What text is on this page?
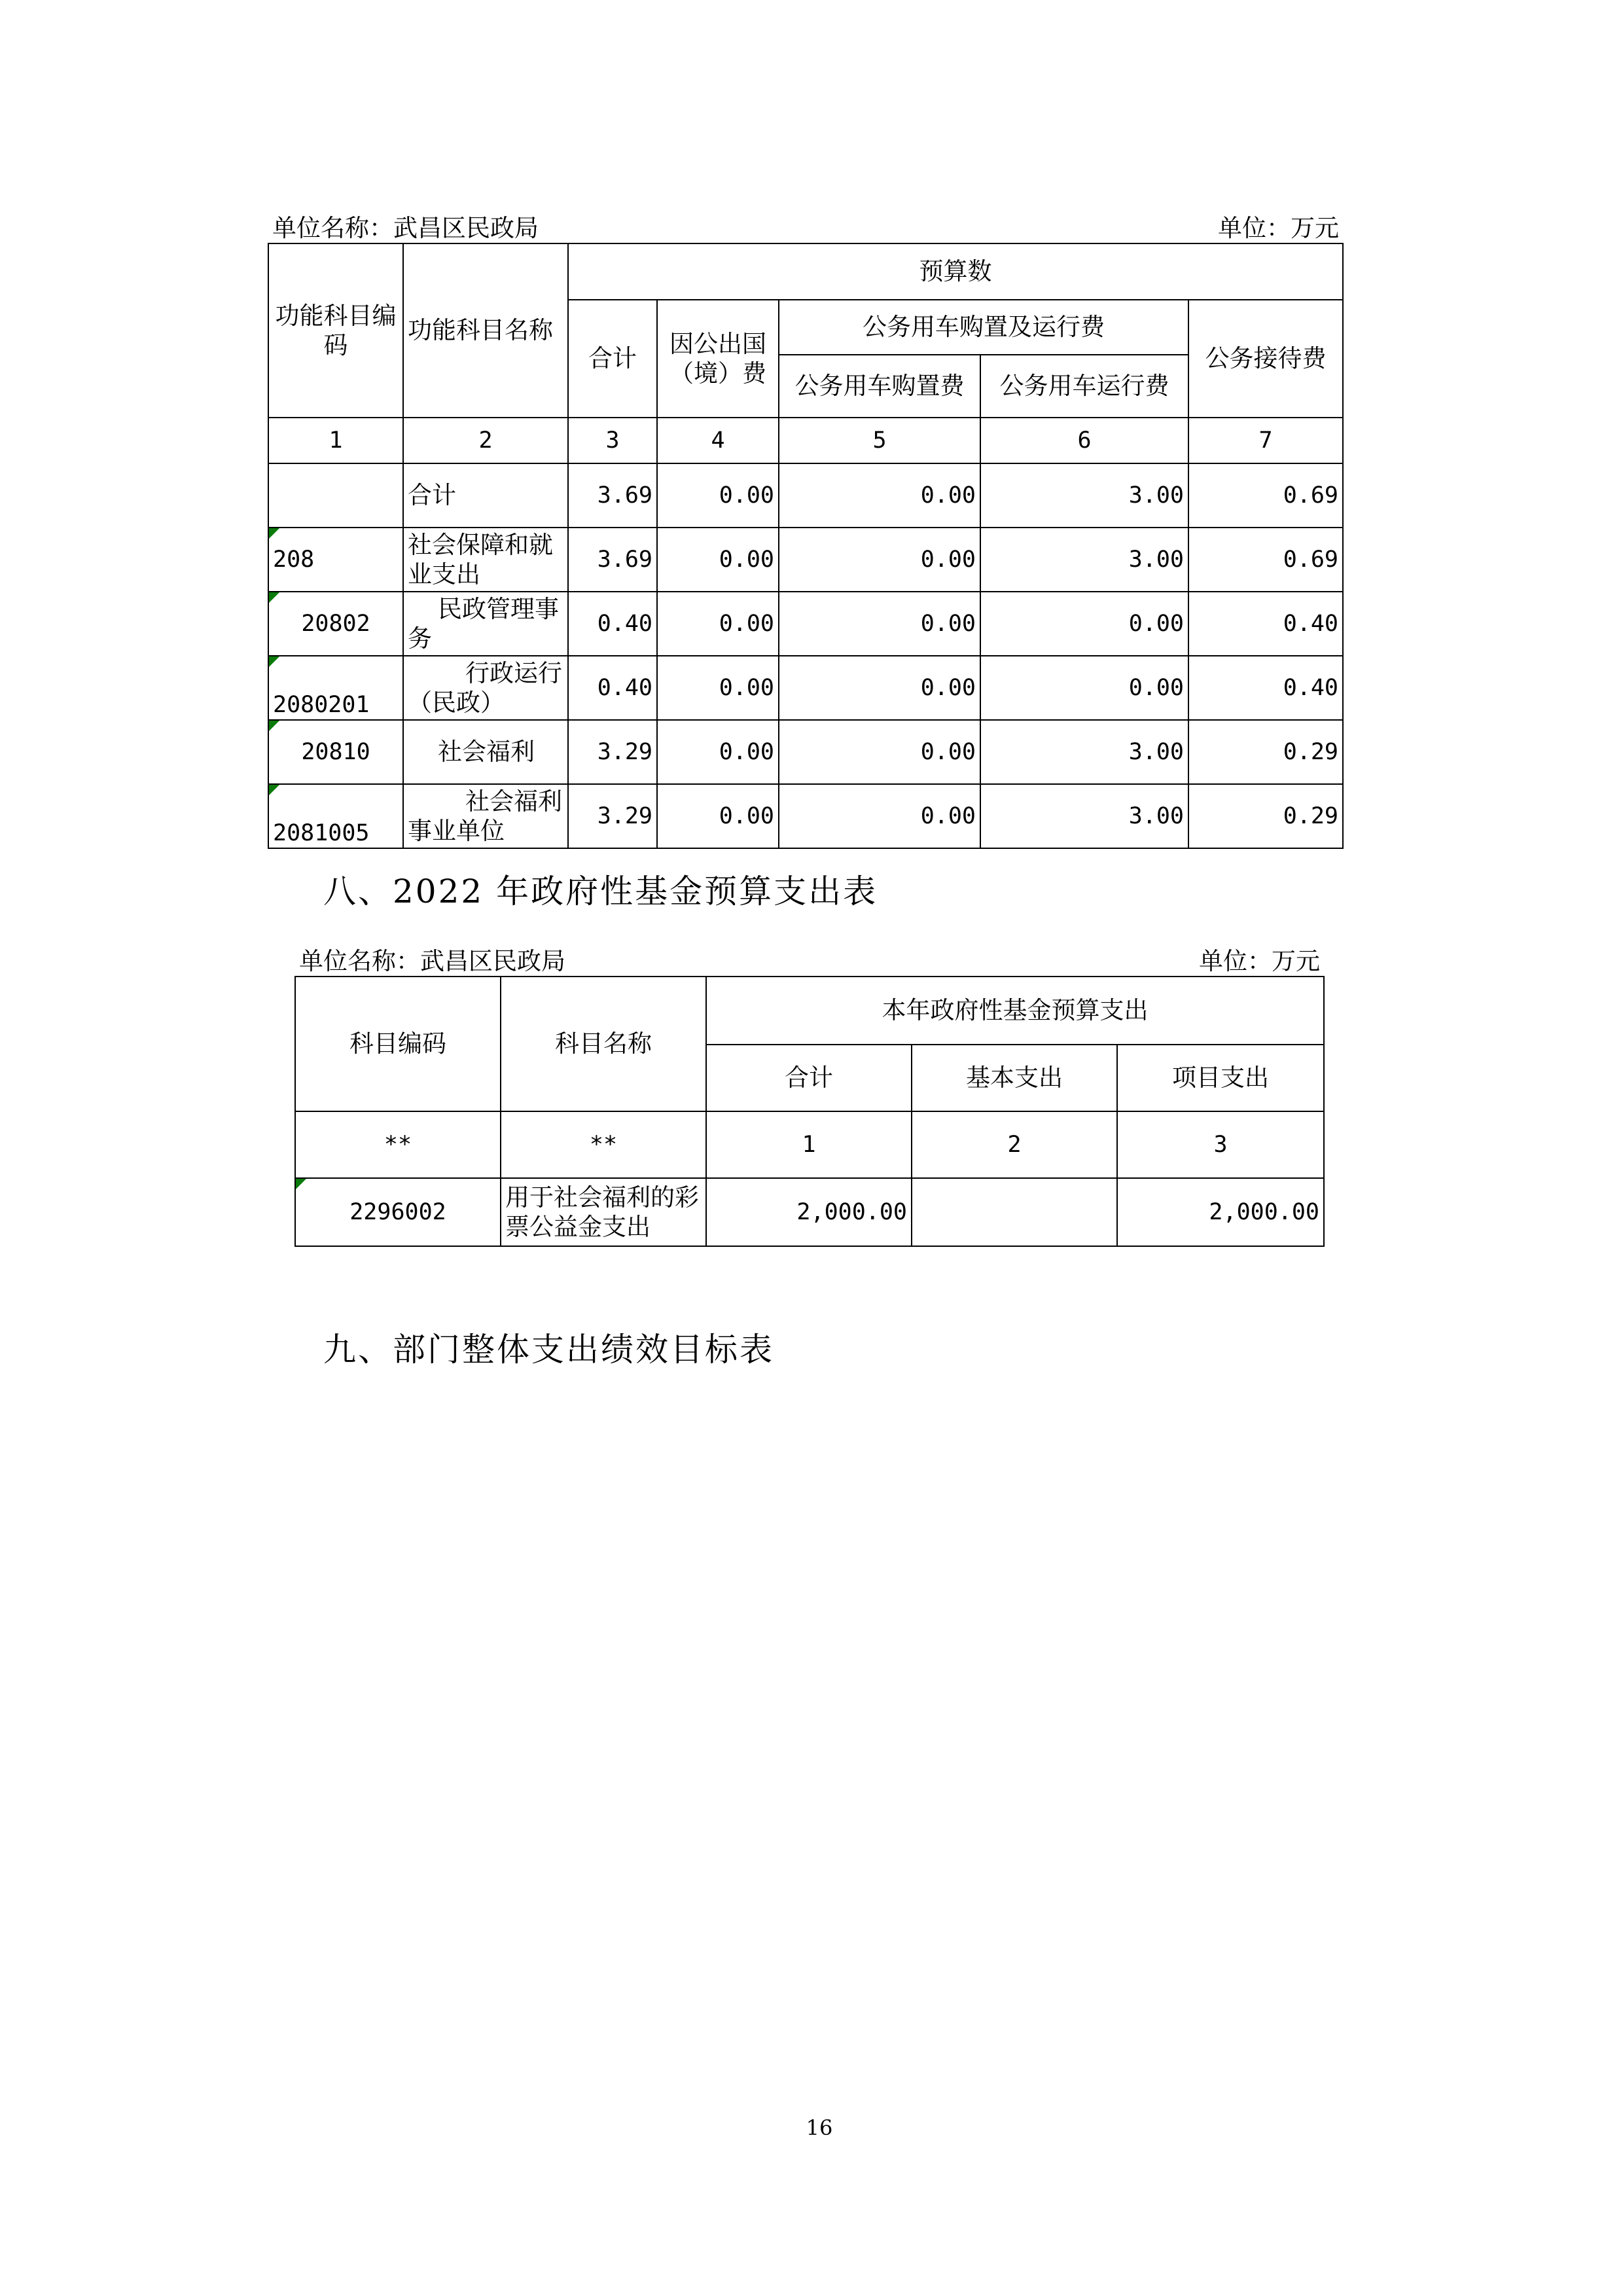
单位名称：武昌区民政局						单位：万元
功能科目编码	功能科目名称	预算数				
		合计	因公出国（境）费	公务用车购置及运行费		公务接待费
				公务用车购置费	公务用车运行费	
1	2	3	4	5	6	7
	合计	3.69	0.00	0.00	3.00	0.69

208	社会保障和就业支出	3.69	0.00	0.00	3.00	0.69

20802	民政管理事务	0.40	0.00	0.00	0.00	0.40

2080201	行政运行（民政）	0.40	0.00	0.00	0.00	0.40

20810	社会福利	3.29	0.00	0.00	3.00	0.29

2081005	社会福利事业单位	3.29	0.00	0.00	3.00	0.29
八、2022 年政府性基金预算支出表
单位名称：武昌区民政局				单位：万元
科目编码	科目名称	本年政府性基金预算支出		
		合计	基本支出	项目支出
**	**	1	2	3

2296002	用于社会福利的彩票公益金支出	2,000.00		2,000.00
九、部门整体支出绩效目标表
16
